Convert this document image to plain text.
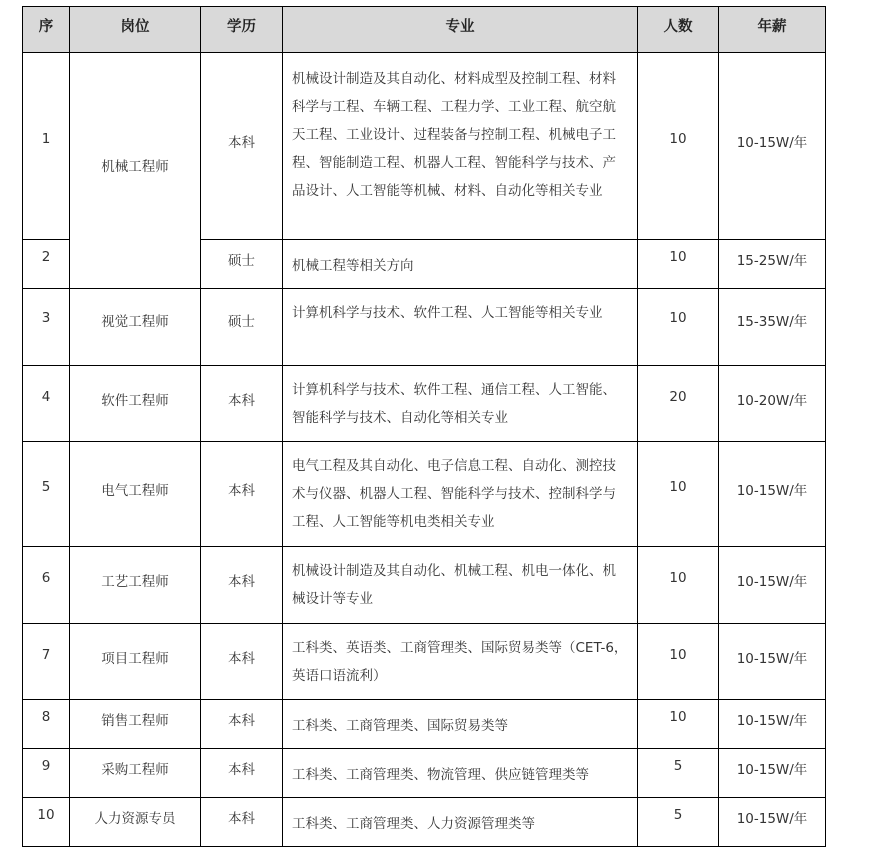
序	岗位	学历	专业	人数	年薪

1	机械工程师	本科	机械设计制造及其自动化、材料成型及控制工程、材料科学与工程、车辆工程、工程力学、工业工程、航空航天工程、工业设计、过程装备与控制工程、机械电子工程、智能制造工程、机器人工程、智能科学与技术、产品设计、人工智能等机械、材料、自动化等相关专业	10	10-15W/年

2		硕士	机械工程等相关方向	10	15-25W/年

3	视觉工程师	硕士	计算机科学与技术、软件工程、人工智能等相关专业	10	15-35W/年

4	软件工程师	本科	计算机科学与技术、软件工程、通信工程、人工智能、智能科学与技术、自动化等相关专业	20	10-20W/年

5	电气工程师	本科	电气工程及其自动化、电子信息工程、自动化、测控技术与仪器、机器人工程、智能科学与技术、控制科学与工程、人工智能等机电类相关专业	10	10-15W/年

6	工艺工程师	本科	机械设计制造及其自动化、机械工程、机电一体化、机械设计等专业	10	10-15W/年

7	项目工程师	本科	工科类、英语类、工商管理类、国际贸易类等（CET-6，英语口语流利）	10	10-15W/年

8	销售工程师	本科	工科类、工商管理类、国际贸易类等	10	10-15W/年

9	采购工程师	本科	工科类、工商管理类、物流管理、供应链管理类等	5	10-15W/年

10	人力资源专员	本科	工科类、工商管理类、人力资源管理类等	5	10-15W/年
